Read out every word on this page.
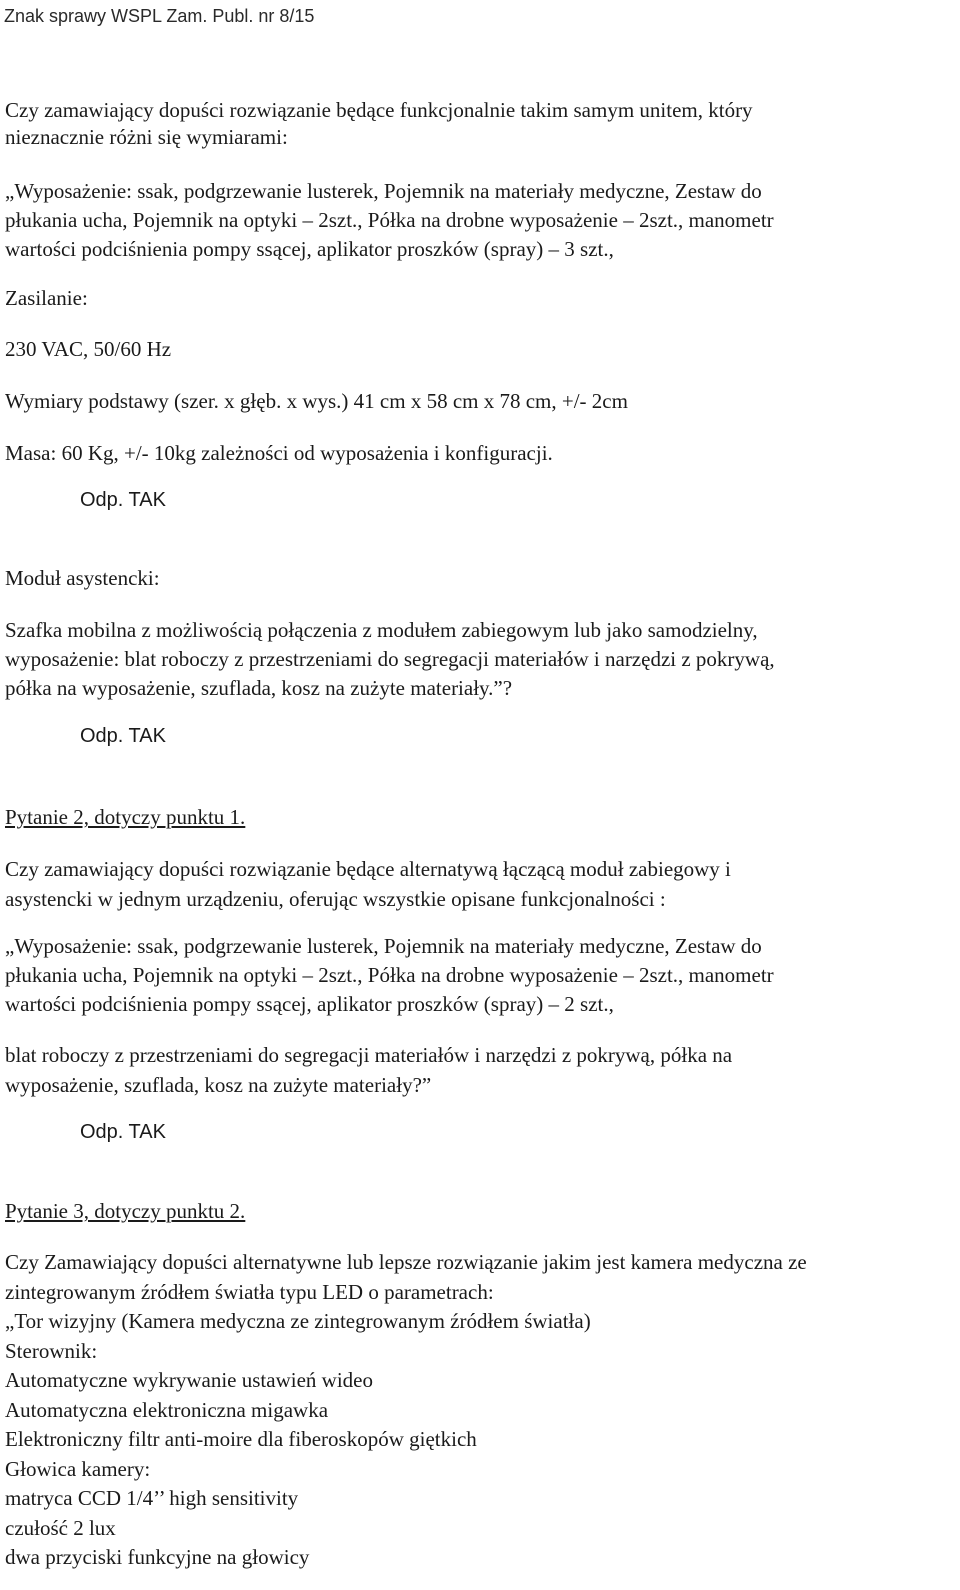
Znak sprawy WSPL Zam. Publ. nr 8/15
Czy zamawiający dopuści rozwiązanie będące funkcjonalnie takim samym unitem, który
nieznacznie różni się wymiarami:
„Wyposażenie: ssak, podgrzewanie lusterek, Pojemnik na materiały medyczne, Zestaw do
płukania ucha, Pojemnik na optyki – 2szt., Półka na drobne wyposażenie – 2szt., manometr
wartości podciśnienia pompy ssącej, aplikator proszków (spray) – 3 szt.,
Zasilanie:
230 VAC, 50/60 Hz
Wymiary podstawy (szer. x głęb. x wys.) 41 cm x 58 cm x 78 cm, +/- 2cm
Masa: 60 Kg, +/- 10kg zależności od wyposażenia i konfiguracji.
Odp. TAK
Moduł asystencki:
Szafka mobilna z możliwością połączenia z modułem zabiegowym lub jako samodzielny,
wyposażenie: blat roboczy z przestrzeniami do segregacji materiałów i narzędzi z pokrywą,
półka na wyposażenie, szuflada, kosz na zużyte materiały.”?
Odp. TAK
Pytanie 2, dotyczy punktu 1.
Czy zamawiający dopuści rozwiązanie będące alternatywą łączącą moduł zabiegowy i
asystencki w jednym urządzeniu, oferując wszystkie opisane funkcjonalności :
„Wyposażenie: ssak, podgrzewanie lusterek, Pojemnik na materiały medyczne, Zestaw do
płukania ucha, Pojemnik na optyki – 2szt., Półka na drobne wyposażenie – 2szt., manometr
wartości podciśnienia pompy ssącej, aplikator proszków (spray) – 2 szt.,
blat roboczy z przestrzeniami do segregacji materiałów i narzędzi z pokrywą, półka na
wyposażenie, szuflada, kosz na zużyte materiały?”
Odp. TAK
Pytanie 3, dotyczy punktu 2.
Czy Zamawiający dopuści alternatywne lub lepsze rozwiązanie jakim jest kamera medyczna ze
zintegrowanym źródłem światła typu LED o parametrach:
„Tor wizyjny (Kamera medyczna ze zintegrowanym źródłem światła)
Sterownik:
Automatyczne wykrywanie ustawień wideo
Automatyczna elektroniczna migawka
Elektroniczny filtr anti-moire dla fiberoskopów giętkich
Głowica kamery:
matryca CCD 1/4’’ high sensitivity
czułość 2 lux
dwa przyciski funkcyjne na głowicy
